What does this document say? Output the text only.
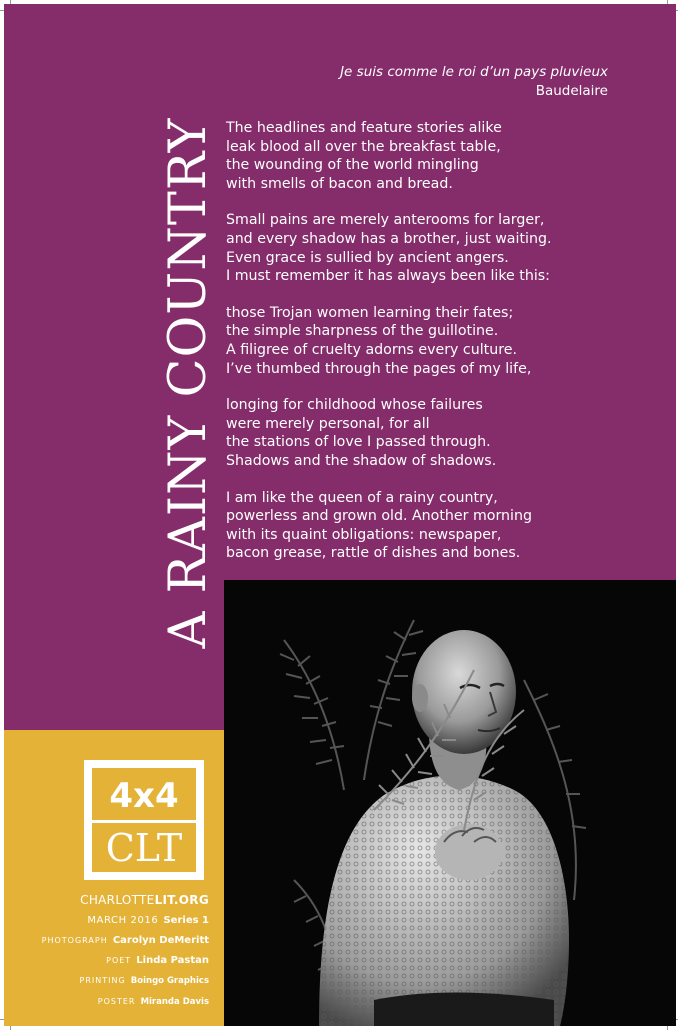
A RAINY COUNTRY
Je suis comme le roi d’un pays pluvieux
Baudelaire
The headlines and feature stories alike
leak blood all over the breakfast table,
the wounding of the world mingling
with smells of bacon and bread.
Small pains are merely anterooms for larger,
and every shadow has a brother, just waiting.
Even grace is sullied by ancient angers.
I must remember it has always been like this:
those Trojan women learning their fates;
the simple sharpness of the guillotine.
A filigree of cruelty adorns every culture.
I’ve thumbed through the pages of my life,
longing for childhood whose failures
were merely personal, for all
the stations of love I passed through.
Shadows and the shadow of shadows.
I am like the queen of a rainy country,
powerless and grown old. Another morning
with its quaint obligations: newspaper,
bacon grease, rattle of dishes and bones.
4x4
CLT
CHARLOTTELIT.ORG
MARCH 2016 Series 1
PHOTOGRAPH Carolyn DeMeritt
POET Linda Pastan
PRINTING Boingo Graphics
POSTER Miranda Davis
